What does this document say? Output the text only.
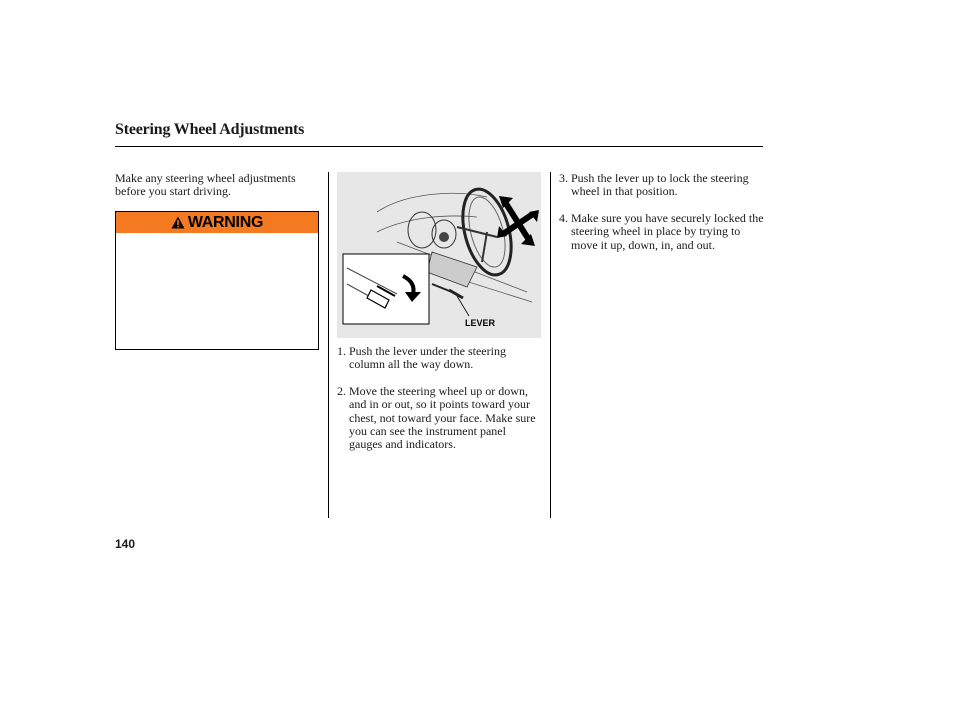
Steering Wheel Adjustments
Make any steering wheel adjustments before you start driving.
WARNING
LEVER
1. Push the lever under the steering column all the way down.
2. Move the steering wheel up or down, and in or out, so it points toward your chest, not toward your face. Make sure you can see the instrument panel gauges and indicators.
3. Push the lever up to lock the steering wheel in that position.
4. Make sure you have securely locked the steering wheel in place by trying to move it up, down, in, and out.
140
